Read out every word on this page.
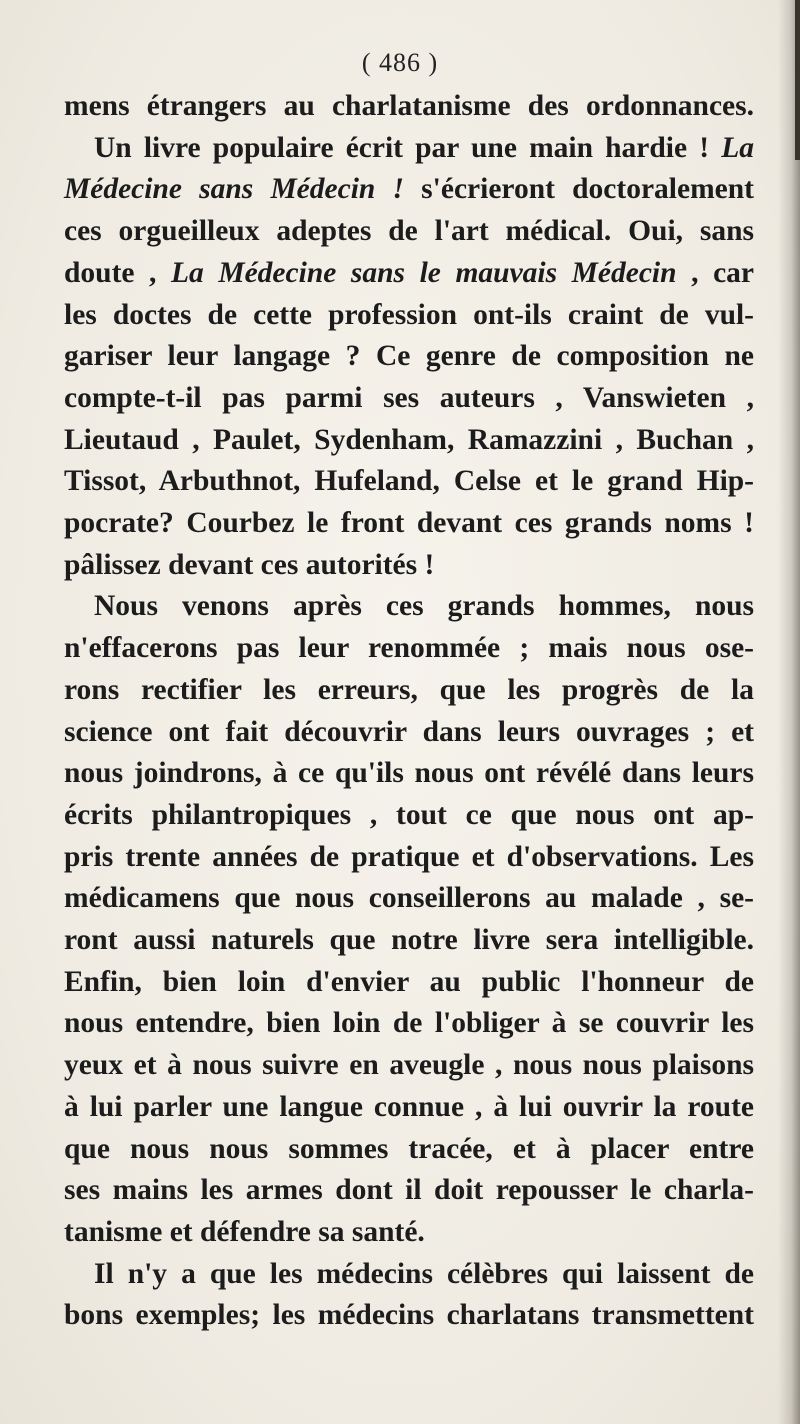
( 486 )
mens étrangers au charlatanisme des ordonnances.
Un livre populaire écrit par une main hardie ! La
Médecine sans Médecin ! s'écrieront doctoralement
ces orgueilleux adeptes de l'art médical. Oui, sans
doute , La Médecine sans le mauvais Médecin , car
les doctes de cette profession ont-ils craint de vul-
gariser leur langage ? Ce genre de composition ne
compte-t-il pas parmi ses auteurs , Vanswieten ,
Lieutaud , Paulet, Sydenham, Ramazzini , Buchan ,
Tissot, Arbuthnot, Hufeland, Celse et le grand Hip-
pocrate? Courbez le front devant ces grands noms !
pâlissez devant ces autorités !
Nous venons après ces grands hommes, nous
n'effacerons pas leur renommée ; mais nous ose-
rons rectifier les erreurs, que les progrès de la
science ont fait découvrir dans leurs ouvrages ; et
nous joindrons, à ce qu'ils nous ont révélé dans leurs
écrits philantropiques , tout ce que nous ont ap-
pris trente années de pratique et d'observations. Les
médicamens que nous conseillerons au malade , se-
ront aussi naturels que notre livre sera intelligible.
Enfin, bien loin d'envier au public l'honneur de
nous entendre, bien loin de l'obliger à se couvrir les
yeux et à nous suivre en aveugle , nous nous plaisons
à lui parler une langue connue , à lui ouvrir la route
que nous nous sommes tracée, et à placer entre
ses mains les armes dont il doit repousser le charla-
tanisme et défendre sa santé.
Il n'y a que les médecins célèbres qui laissent de
bons exemples; les médecins charlatans transmettent
